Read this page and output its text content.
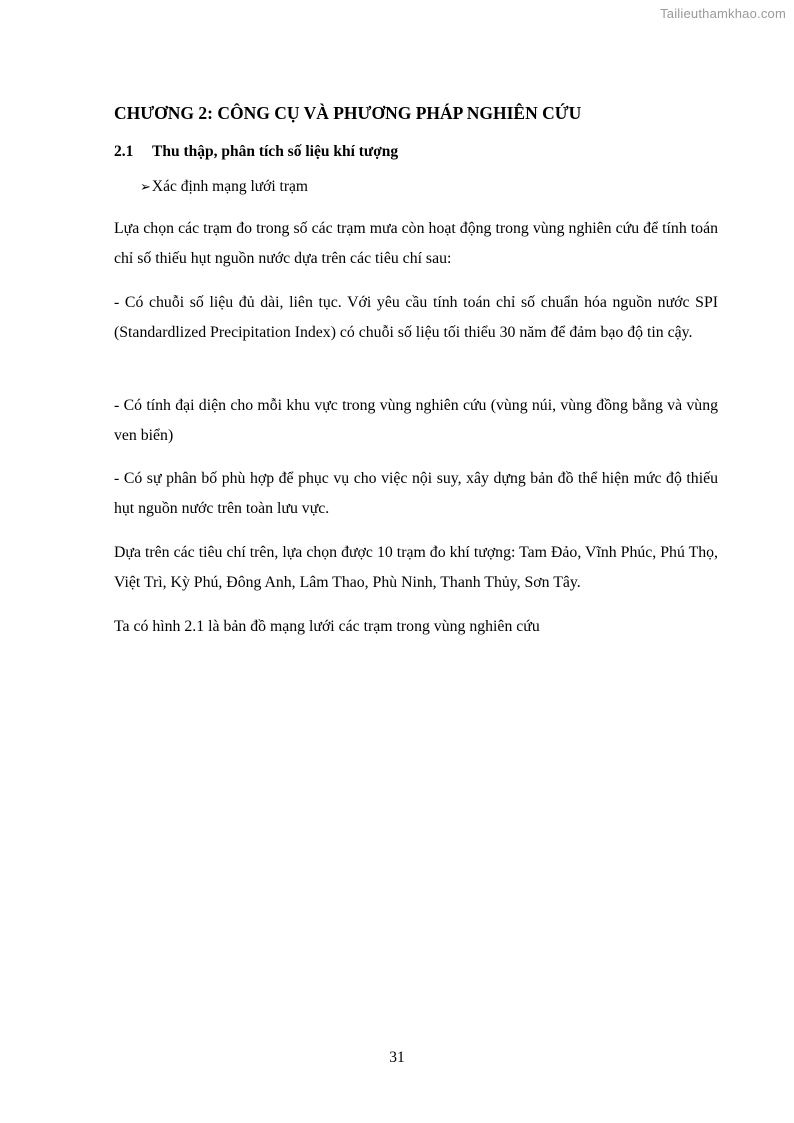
Tailieuthamkhao.com
CHƯƠNG 2: CÔNG CỤ VÀ PHƯƠNG PHÁP NGHIÊN CỨU
2.1 Thu thập, phân tích số liệu khí tượng
➢Xác định mạng lưới trạm

Lựa chọn các trạm đo trong số các trạm mưa còn hoạt động trong vùng nghiên cứu để tính toán chỉ số thiếu hụt nguồn nước dựa trên các tiêu chí sau:

- Có chuỗi số liệu đủ dài, liên tục. Với yêu cầu tính toán chỉ số chuẩn hóa nguồn nước SPI (Standardlized Precipitation Index) có chuỗi số liệu tối thiểu 30 năm để đảm bạo độ tin cậy.

- Có tính đại diện cho mỗi khu vực trong vùng nghiên cứu (vùng núi, vùng đồng bằng và vùng ven biển)

- Có sự phân bố phù hợp để phục vụ cho việc nội suy, xây dựng bản đồ thể hiện mức độ thiếu hụt nguồn nước trên toàn lưu vực.

Dựa trên các tiêu chí trên, lựa chọn được 10 trạm đo khí tượng: Tam Đảo, Vĩnh Phúc, Phú Thọ, Việt Trì, Kỳ Phú, Đông Anh, Lâm Thao, Phù Ninh, Thanh Thủy, Sơn Tây.

Ta có hình 2.1 là bản đồ mạng lưới các trạm trong vùng nghiên cứu

31
